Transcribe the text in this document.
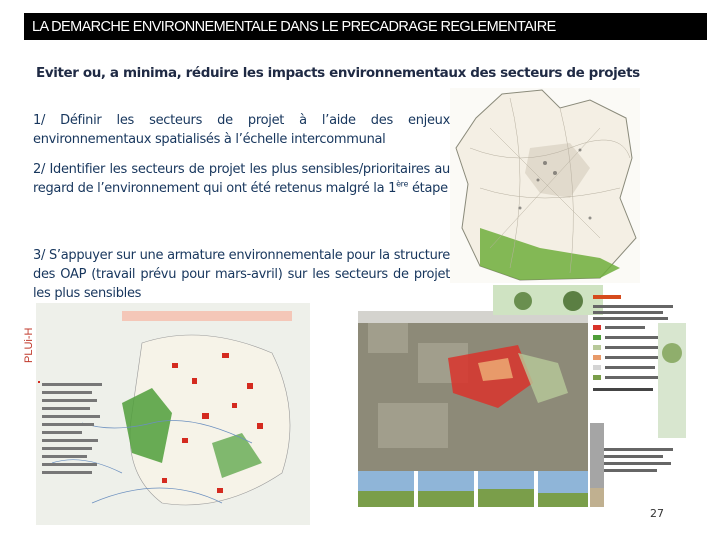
LA DEMARCHE ENVIRONNEMENTALE DANS LE PRECADRAGE REGLEMENTAIRE
Eviter ou, a minima, réduire les impacts environnementaux des secteurs de projets
1/ Définir les secteurs de projet à l’aide des enjeux environnementaux spatialisés à l’échelle intercommunal
2/ Identifier les secteurs de projet les plus sensibles/prioritaires au regard de l’environnement qui ont été retenus malgré la 1ère étape
3/ S’appuyer sur une armature environnementale pour la structure des OAP (travail prévu pour mars-avril) sur les secteurs de projet les plus sensibles
PLUi-H
27
